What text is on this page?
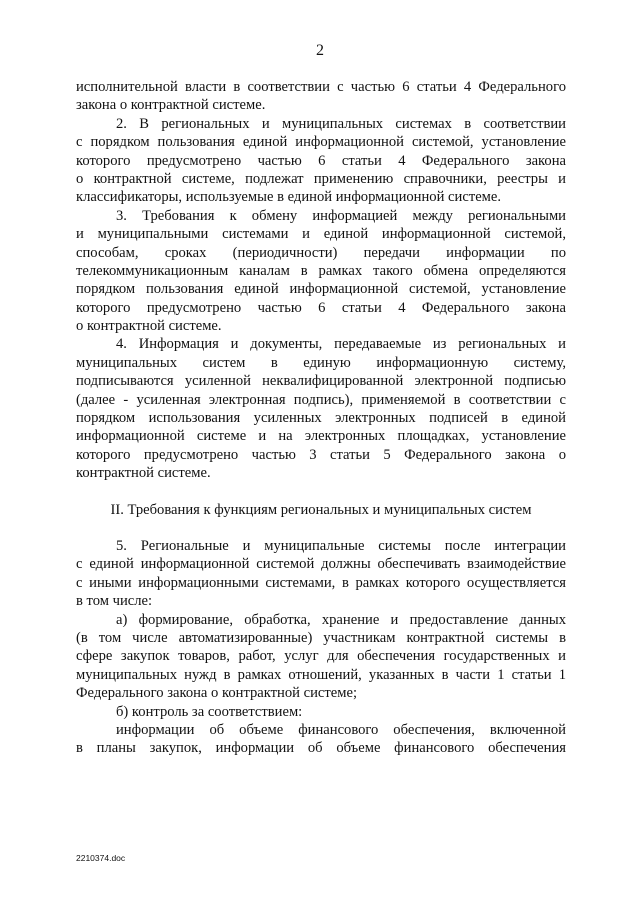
2
исполнительной власти в соответствии с частью 6 статьи 4 Федерального
закона о контрактной системе.
2. В региональных и муниципальных системах в соответствии
с порядком пользования единой информационной системой, установление
которого предусмотрено частью 6 статьи 4 Федерального закона
о контрактной системе, подлежат применению справочники, реестры и
классификаторы, используемые в единой информационной системе.
3. Требования к обмену информацией между региональными
и муниципальными системами и единой информационной системой,
способам, сроках (периодичности) передачи информации по
телекоммуникационным каналам в рамках такого обмена определяются
порядком пользования единой информационной системой, установление
которого предусмотрено частью 6 статьи 4 Федерального закона
о контрактной системе.
4. Информация и документы, передаваемые из региональных и
муниципальных систем в единую информационную систему,
подписываются усиленной неквалифицированной электронной подписью
(далее - усиленная электронная подпись), применяемой в соответствии с
порядком использования усиленных электронных подписей в единой
информационной системе и на электронных площадках, установление
которого предусмотрено частью 3 статьи 5 Федерального закона о
контрактной системе.
II. Требования к функциям региональных и муниципальных систем
5. Региональные и муниципальные системы после интеграции
с единой информационной системой должны обеспечивать взаимодействие
с иными информационными системами, в рамках которого осуществляется
в том числе:
а) формирование, обработка, хранение и предоставление данных
(в том числе автоматизированные) участникам контрактной системы в
сфере закупок товаров, работ, услуг для обеспечения государственных и
муниципальных нужд в рамках отношений, указанных в части 1 статьи 1
Федерального закона о контрактной системе;
б) контроль за соответствием:
информации об объеме финансового обеспечения, включенной
в планы закупок, информации об объеме финансового обеспечения
2210374.doc
